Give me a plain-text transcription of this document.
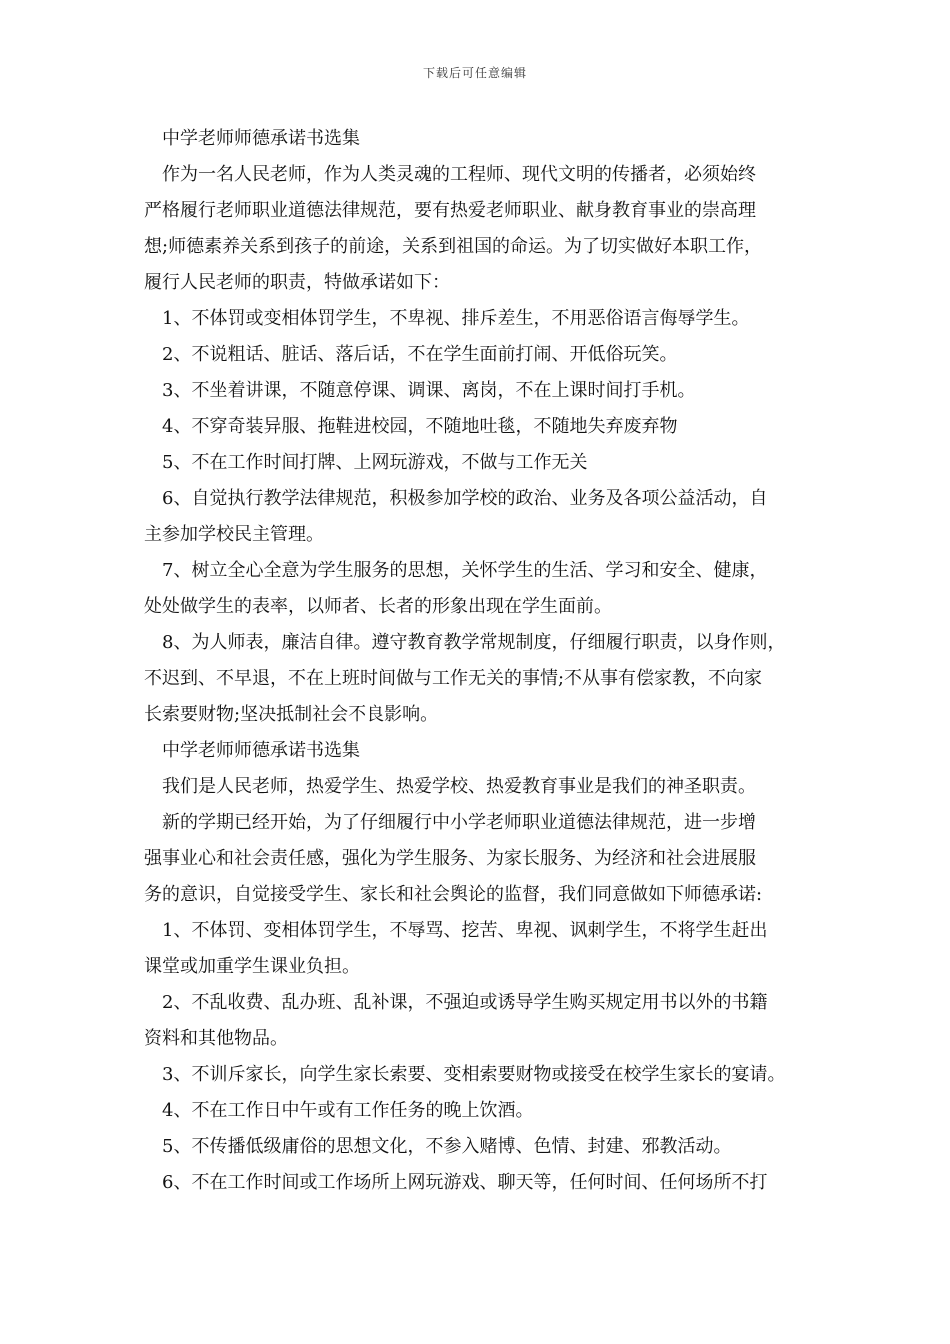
下载后可任意编辑
中学老师师德承诺书选集
作为一名人民老师，作为人类灵魂的工程师、现代文明的传播者，必须始终
严格履行老师职业道德法律规范，要有热爱老师职业、献身教育事业的崇高理
想;师德素养关系到孩子的前途，关系到祖国的命运。为了切实做好本职工作，
履行人民老师的职责，特做承诺如下：
1、不体罚或变相体罚学生，不卑视、排斥差生，不用恶俗语言侮辱学生。
2、不说粗话、脏话、落后话，不在学生面前打闹、开低俗玩笑。
3、不坐着讲课，不随意停课、调课、离岗，不在上课时间打手机。
4、不穿奇装异服、拖鞋进校园，不随地吐毯，不随地失弃废弃物
5、不在工作时间打牌、上网玩游戏，不做与工作无关
6、自觉执行教学法律规范，积极参加学校的政治、业务及各项公益活动，自
主参加学校民主管理。
7、树立全心全意为学生服务的思想，关怀学生的生活、学习和安全、健康，
处处做学生的表率，以师者、长者的形象出现在学生面前。
8、为人师表，廉洁自律。遵守教育教学常规制度，仔细履行职责，以身作则，
不迟到、不早退，不在上班时间做与工作无关的事情;不从事有偿家教，不向家
长索要财物;坚决抵制社会不良影响。
中学老师师德承诺书选集
我们是人民老师，热爱学生、热爱学校、热爱教育事业是我们的神圣职责。
新的学期已经开始，为了仔细履行中小学老师职业道德法律规范，进一步增
强事业心和社会责任感，强化为学生服务、为家长服务、为经济和社会进展服
务的意识，自觉接受学生、家长和社会舆论的监督，我们同意做如下师德承诺:
1、不体罚、变相体罚学生，不辱骂、挖苦、卑视、讽刺学生，不将学生赶出
课堂或加重学生课业负担。
2、不乱收费、乱办班、乱补课，不强迫或诱导学生购买规定用书以外的书籍
资料和其他物品。
3、不训斥家长，向学生家长索要、变相索要财物或接受在校学生家长的宴请。
4、不在工作日中午或有工作任务的晚上饮酒。
5、不传播低级庸俗的思想文化，不参入赌博、色情、封建、邪教活动。
6、不在工作时间或工作场所上网玩游戏、聊天等，任何时间、任何场所不打
